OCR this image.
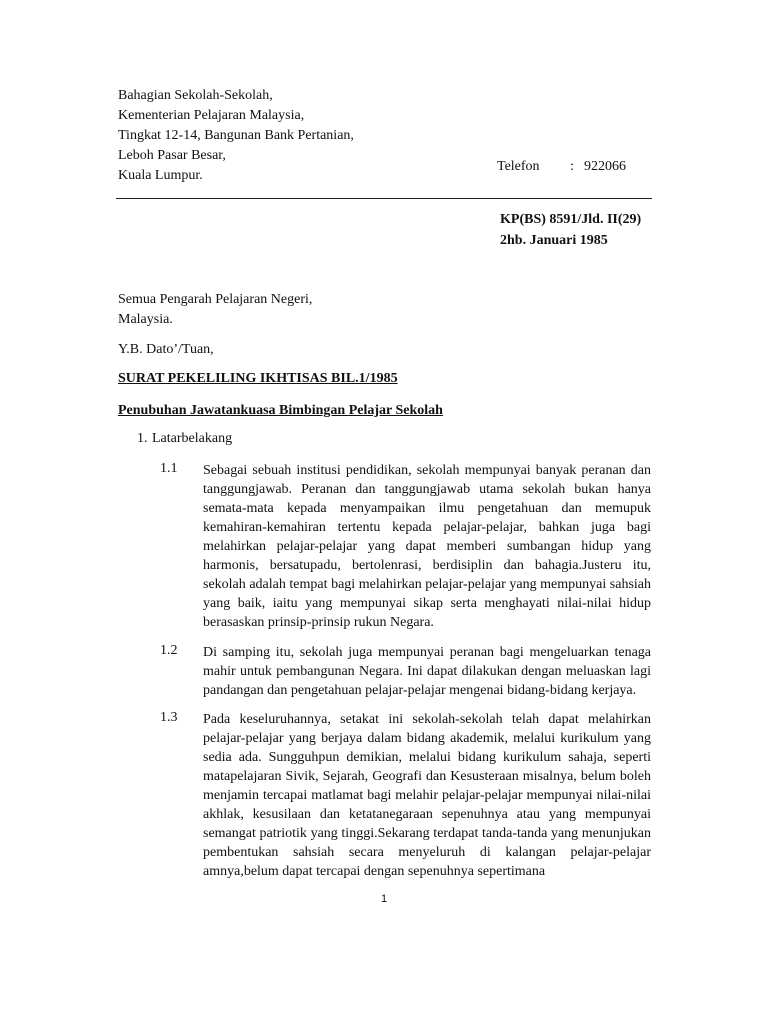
Bahagian Sekolah-Sekolah,
Kementerian Pelajaran Malaysia,
Tingkat 12-14, Bangunan Bank Pertanian,
Leboh Pasar Besar,
Kuala Lumpur.
Telefon : 922066
KP(BS) 8591/Jld. II(29)
2hb. Januari 1985
Semua Pengarah Pelajaran Negeri,
Malaysia.
Y.B. Dato’/Tuan,
SURAT PEKELILING IKHTISAS BIL.1/1985
Penubuhan Jawatankuasa Bimbingan Pelajar Sekolah
1. Latarbelakang
1.1 Sebagai sebuah institusi pendidikan, sekolah mempunyai banyak peranan dan tanggungjawab. Peranan dan tanggungjawab utama sekolah bukan hanya semata-mata kepada menyampaikan ilmu pengetahuan dan memupuk kemahiran-kemahiran tertentu kepada pelajar-pelajar, bahkan juga bagi melahirkan pelajar-pelajar yang dapat memberi sumbangan hidup yang harmonis, bersatupadu, bertolenrasi, berdisiplin dan bahagia.Justeru itu, sekolah adalah tempat bagi melahirkan pelajar-pelajar yang mempunyai sahsiah yang baik, iaitu yang mempunyai sikap serta menghayati nilai-nilai hidup berasaskan prinsip-prinsip rukun Negara.
1.2 Di samping itu, sekolah juga mempunyai peranan bagi mengeluarkan tenaga mahir untuk pembangunan Negara. Ini dapat dilakukan dengan meluaskan lagi pandangan dan pengetahuan pelajar-pelajar mengenai bidang-bidang kerjaya.
1.3 Pada keseluruhannya, setakat ini sekolah-sekolah telah dapat melahirkan pelajar-pelajar yang berjaya dalam bidang akademik, melalui kurikulum yang sedia ada. Sungguhpun demikian, melalui bidang kurikulum sahaja, seperti matapelajaran Sivik, Sejarah, Geografi dan Kesusteraan misalnya, belum boleh menjamin tercapai matlamat bagi melahir pelajar-pelajar mempunyai nilai-nilai akhlak, kesusilaan dan ketatanegaraan sepenuhnya atau yang mempunyai semangat patriotik yang tinggi.Sekarang terdapat tanda-tanda yang menunjukan pembentukan sahsiah secara menyeluruh di kalangan pelajar-pelajar amnya,belum dapat tercapai dengan sepenuhnya sepertimana
1
